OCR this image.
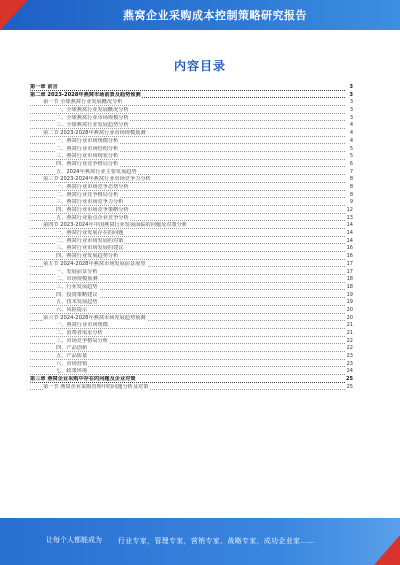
燕窝企业采购成本控制策略研究报告
内容目录
第一章 前言	3
第二章 2023-2028年燕窝市场前景及趋势预测	3
第一节 全球燕窝行业发展概况分析	3
一、全球燕窝行业发展概况分析	3
二、全球燕窝行业市场规模分析	3
三、全球燕窝行业发展趋势分析	4
第二节 2023-2028年燕窝行业市场规模预测	4
一、燕窝行业市场规模分析	4
二、燕窝行业市场结构分析	5
三、燕窝行业市场现状分析	5
四、燕窝行业竞争格局分析	6
五、2024年燕窝行业主要发展趋势	7
第三节 2023-2024年燕窝行业市场竞争力分析	8
一、燕窝行业市场竞争态势分析	8
二、燕窝行业竞争格局分析	8
三、燕窝行业市场竞争力分析	9
四、燕窝行业市场竞争策略分析	12
五、燕窝行业重点企业竞争分析	13
第四节 2023-2024年中国燕窝行业发展面临的问题及对策分析	14
一、燕窝行业发展存在的问题	14
二、燕窝行业市场发展的对策	14
三、燕窝行业市场发展的建议	16
四、燕窝行业发展趋势分析	16
第五节 2024-2028年燕窝市场发展前景展望	17
一、发展前景分析	17
二、市场规模预测	18
三、行业发展趋势	18
四、投资策略建议	19
五、技术发展趋势	19
六、风险提示	20
第六节 2024-2028年燕窝市场发展趋势预测	20
一、燕窝行业市场规模	21
二、消费者需求分析	21
三、市场竞争格局分析	22
四、产品创新	22
五、产品质量	23
六、市场营销	23
七、政策环境	24
第三章 燕窝企业采购中存在的问题及企业对策	25
第一节 燕窝企业采购管理中的问题分析及对策	25
让每个人都能成为 行业专家，管理专家，营销专家，战略专家，成功企业家……
